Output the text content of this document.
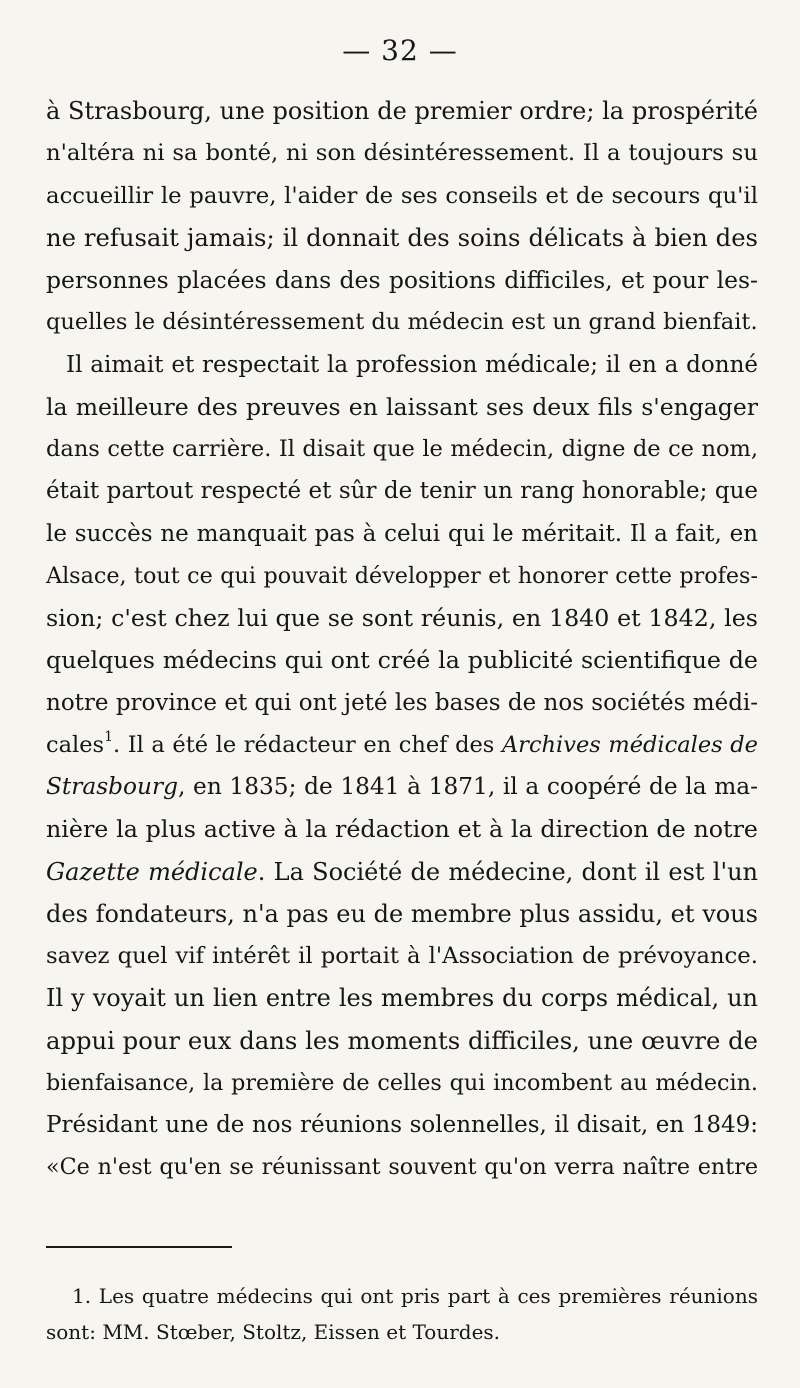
— 32 —
à Strasbourg, une position de premier ordre; la prospérité
n'altéra ni sa bonté, ni son désintéressement. Il a toujours su
accueillir le pauvre, l'aider de ses conseils et de secours qu'il
ne refusait jamais; il donnait des soins délicats à bien des
personnes placées dans des positions difficiles, et pour les-
quelles le désintéressement du médecin est un grand bienfait.
Il aimait et respectait la profession médicale; il en a donné
la meilleure des preuves en laissant ses deux fils s'engager
dans cette carrière. Il disait que le médecin, digne de ce nom,
était partout respecté et sûr de tenir un rang honorable; que
le succès ne manquait pas à celui qui le méritait. Il a fait, en
Alsace, tout ce qui pouvait développer et honorer cette profes-
sion; c'est chez lui que se sont réunis, en 1840 et 1842, les
quelques médecins qui ont créé la publicité scientifique de
notre province et qui ont jeté les bases de nos sociétés médi-
cales$^1$. Il a été le rédacteur en chef des Archives médicales de
Strasbourg, en 1835; de 1841 à 1871, il a coopéré de la ma-
nière la plus active à la rédaction et à la direction de notre
Gazette médicale. La Société de médecine, dont il est l'un
des fondateurs, n'a pas eu de membre plus assidu, et vous
savez quel vif intérêt il portait à l'Association de prévoyance.
Il y voyait un lien entre les membres du corps médical, un
appui pour eux dans les moments difficiles, une œuvre de
bienfaisance, la première de celles qui incombent au médecin.
Présidant une de nos réunions solennelles, il disait, en 1849:
«Ce n'est qu'en se réunissant souvent qu'on verra naître entre
1. Les quatre médecins qui ont pris part à ces premières réunions
sont: MM. Stœber, Stoltz, Eissen et Tourdes.
